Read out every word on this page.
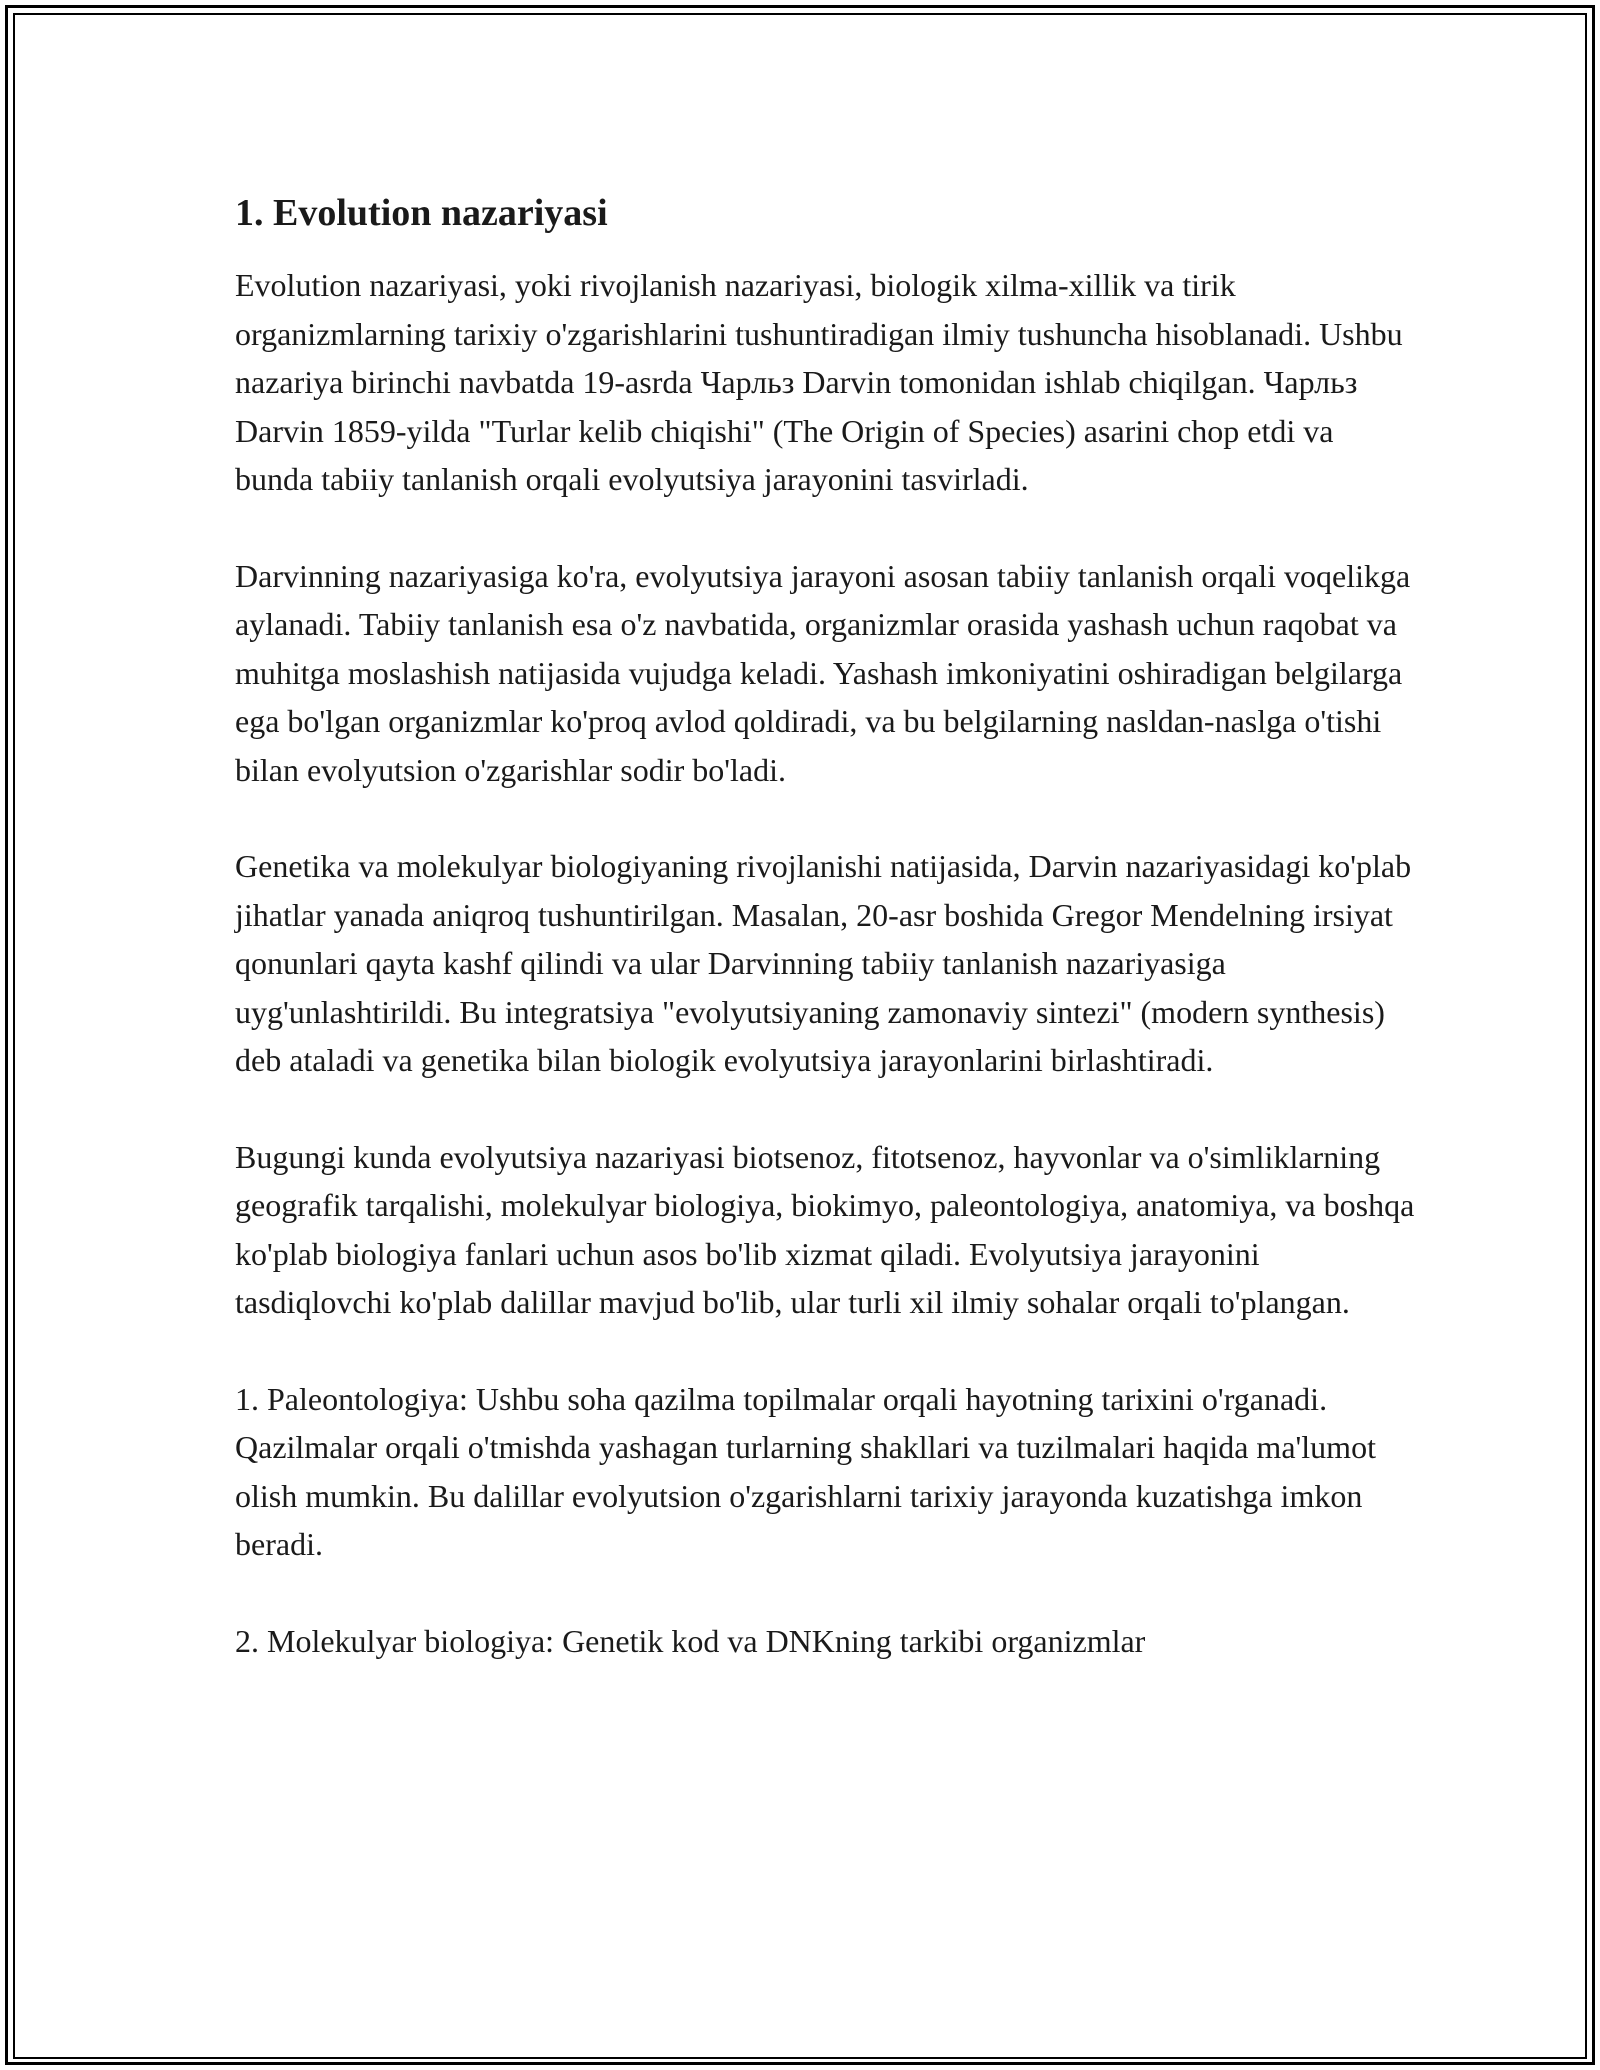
1. Evolution nazariyasi

Evolution nazariyasi, yoki rivojlanish nazariyasi, biologik xilma-xillik va tirik organizmlarning tarixiy o'zgarishlarini tushuntiradigan ilmiy tushuncha hisoblanadi. Ushbu nazariya birinchi navbatda 19-asrda Чарльз Darvin tomonidan ishlab chiqilgan. Чарльз Darvin 1859-yilda "Turlar kelib chiqishi" (The Origin of Species) asarini chop etdi va bunda tabiiy tanlanish orqali evolyutsiya jarayonini tasvirladi.

Darvinning nazariyasiga ko'ra, evolyutsiya jarayoni asosan tabiiy tanlanish orqali voqelikga aylanadi. Tabiiy tanlanish esa o'z navbatida, organizmlar orasida yashash uchun raqobat va muhitga moslashish natijasida vujudga keladi. Yashash imkoniyatini oshiradigan belgilarga ega bo'lgan organizmlar ko'proq avlod qoldiradi, va bu belgilarning nasldan-naslga o'tishi bilan evolyutsion o'zgarishlar sodir bo'ladi.

Genetika va molekulyar biologiyaning rivojlanishi natijasida, Darvin nazariyasidagi ko'plab jihatlar yanada aniqroq tushuntirilgan. Masalan, 20-asr boshida Gregor Mendelning irsiyat qonunlari qayta kashf qilindi va ular Darvinning tabiiy tanlanish nazariyasiga uyg'unlashtirildi. Bu integratsiya "evolyutsiyaning zamonaviy sintezi" (modern synthesis) deb ataladi va genetika bilan biologik evolyutsiya jarayonlarini birlashtiradi.

Bugungi kunda evolyutsiya nazariyasi biotsenoz, fitotsenoz, hayvonlar va o'simliklarning geografik tarqalishi, molekulyar biologiya, biokimyo, paleontologiya, anatomiya, va boshqa ko'plab biologiya fanlari uchun asos bo'lib xizmat qiladi. Evolyutsiya jarayonini tasdiqlovchi ko'plab dalillar mavjud bo'lib, ular turli xil ilmiy sohalar orqali to'plangan.

1. Paleontologiya: Ushbu soha qazilma topilmalar orqali hayotning tarixini o'rganadi. Qazilmalar orqali o'tmishda yashagan turlarning shakllari va tuzilmalari haqida ma'lumot olish mumkin. Bu dalillar evolyutsion o'zgarishlarni tarixiy jarayonda kuzatishga imkon beradi.

2. Molekulyar biologiya: Genetik kod va DNKning tarkibi organizmlar
